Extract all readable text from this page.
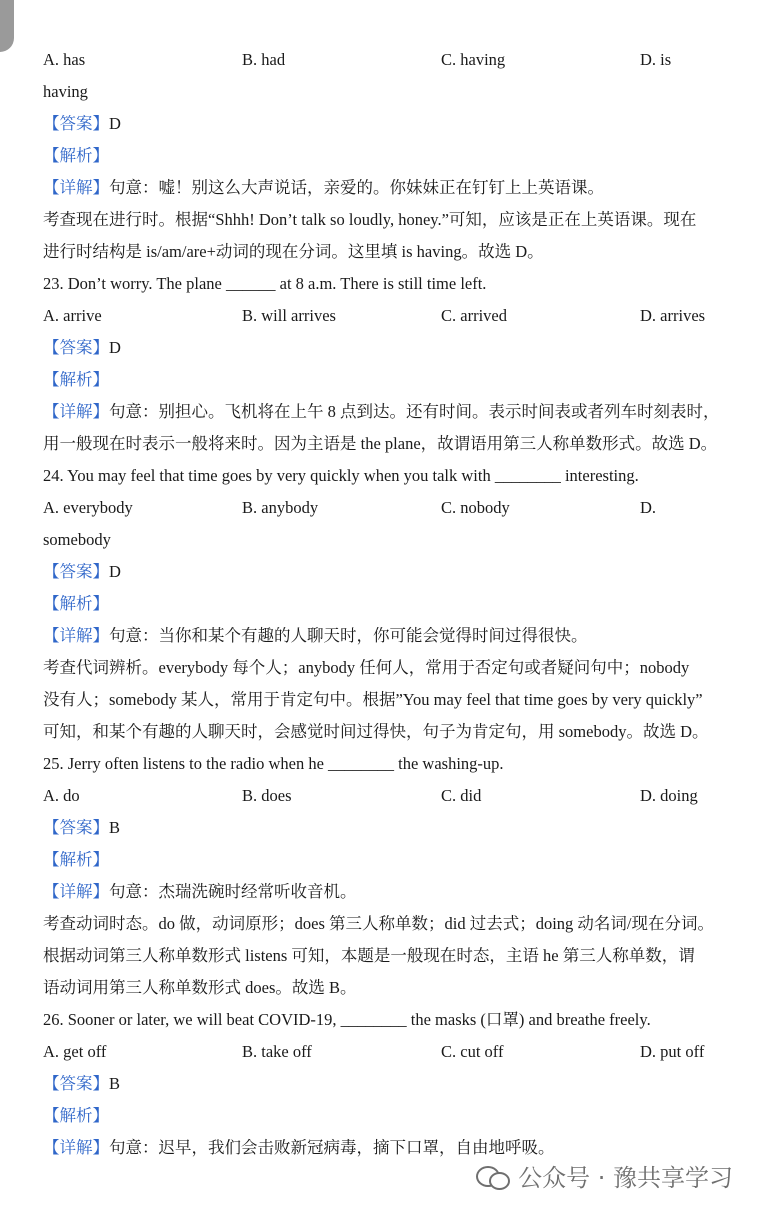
A. has	B. had	C. having	D. is
having
【答案】D
【解析】
【详解】句意：嘘！别这么大声说话，亲爱的。你妹妹正在钉钉上上英语课。
考查现在进行时。根据“Shhh! Don’t talk so loudly, honey.”可知，应该是正在上英语课。现在
进行时结构是 is/am/are+动词的现在分词。这里填 is having。故选 D。
23. Don’t worry. The plane ______ at 8 a.m. There is still time left.
A. arrive	B. will arrives	C. arrived	D. arrives
【答案】D
【解析】
【详解】句意：别担心。飞机将在上午 8 点到达。还有时间。表示时间表或者列车时刻表时，
用一般现在时表示一般将来时。因为主语是 the plane，故谓语用第三人称单数形式。故选 D。
24. You may feel that time goes by very quickly when you talk with ________ interesting.
A. everybody	B. anybody	C. nobody	D.
somebody
【答案】D
【解析】
【详解】句意：当你和某个有趣的人聊天时，你可能会觉得时间过得很快。
考查代词辨析。everybody 每个人；anybody 任何人，常用于否定句或者疑问句中；nobody
没有人；somebody 某人，常用于肯定句中。根据”You may feel that time goes by very quickly”
可知，和某个有趣的人聊天时，会感觉时间过得快，句子为肯定句，用 somebody。故选 D。
25. Jerry often listens to the radio when he ________ the washing-up.
A. do	B. does	C. did	D. doing
【答案】B
【解析】
【详解】句意：杰瑞洗碗时经常听收音机。
考查动词时态。do 做，动词原形；does 第三人称单数；did 过去式；doing 动名词/现在分词。
根据动词第三人称单数形式 listens 可知，本题是一般现在时态，主语 he 第三人称单数，谓
语动词用第三人称单数形式 does。故选 B。
26. Sooner or later, we will beat COVID-19, ________ the masks (口罩) and breathe freely.
A. get off	B. take off	C. cut off	D. put off
【答案】B
【解析】
【详解】句意：迟早，我们会击败新冠病毒，摘下口罩，自由地呼吸。
公众号 · 豫共享学习
